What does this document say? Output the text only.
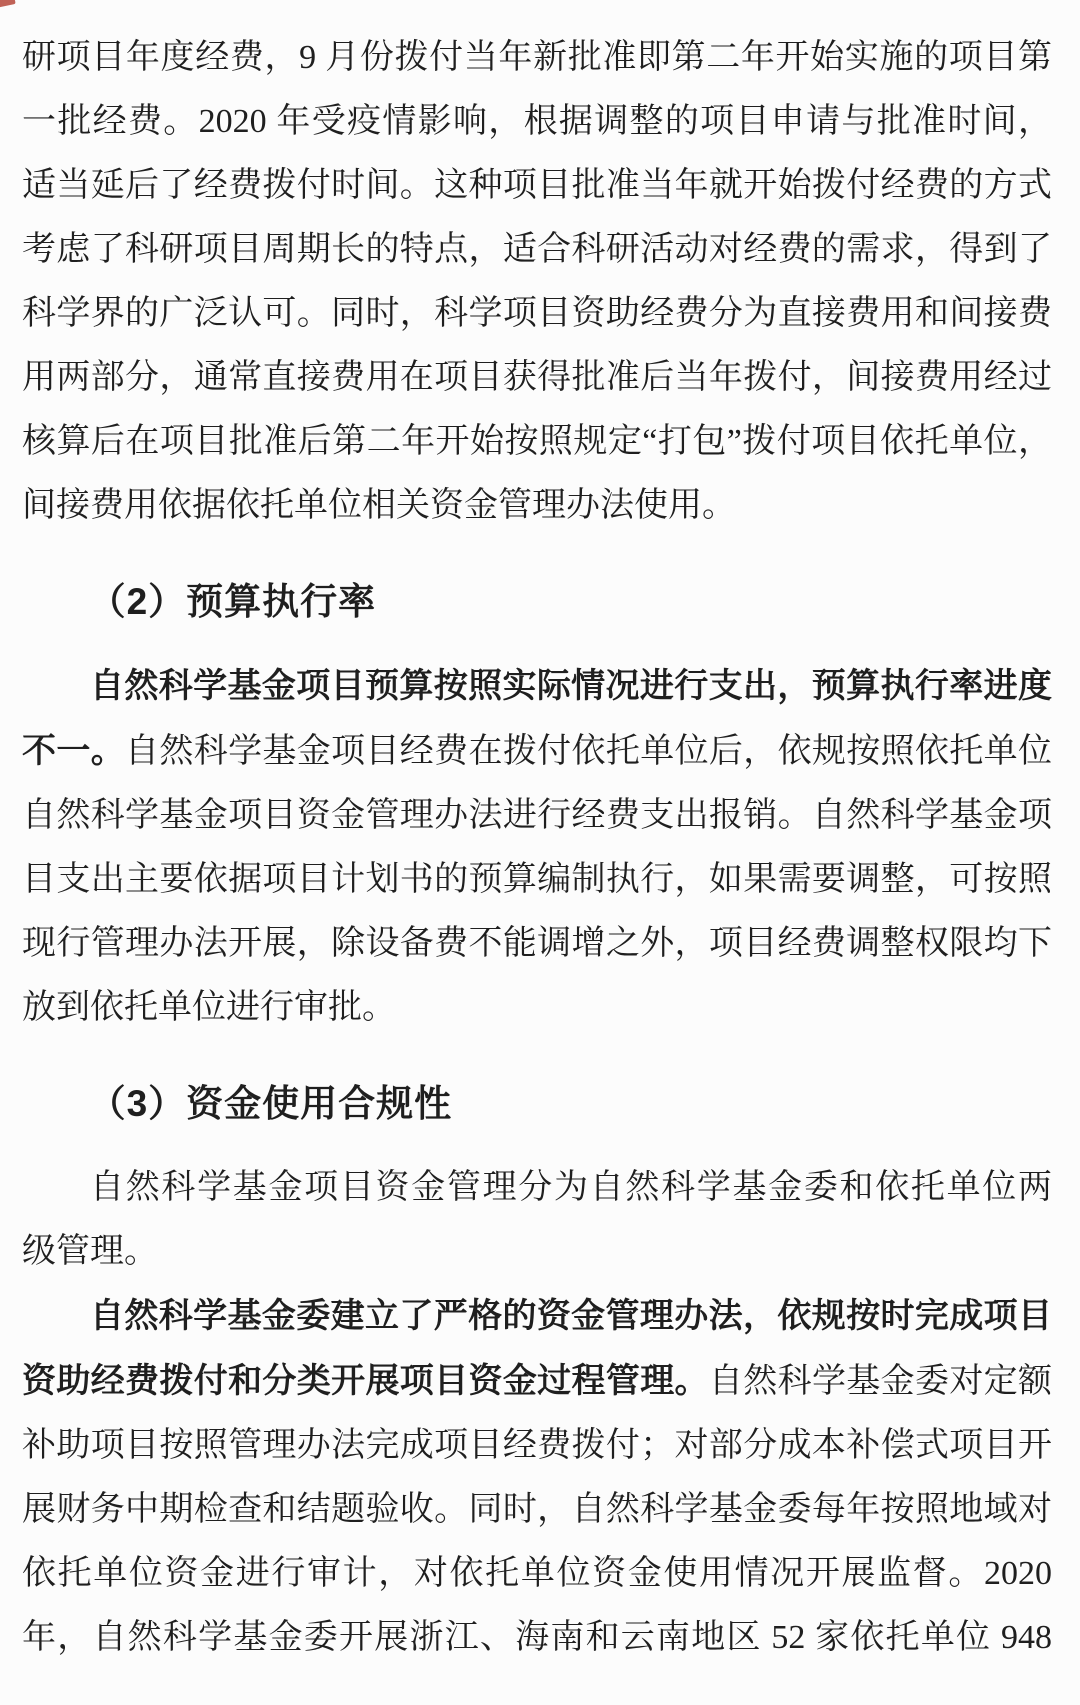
研项目年度经费，9 月份拨付当年新批准即第二年开始实施的项目第
一批经费。2020 年受疫情影响，根据调整的项目申请与批准时间，
适当延后了经费拨付时间。这种项目批准当年就开始拨付经费的方式
考虑了科研项目周期长的特点，适合科研活动对经费的需求，得到了
科学界的广泛认可。同时，科学项目资助经费分为直接费用和间接费
用两部分，通常直接费用在项目获得批准后当年拨付，间接费用经过
核算后在项目批准后第二年开始按照规定“打包”拨付项目依托单位，
间接费用依据依托单位相关资金管理办法使用。
（2）预算执行率
自然科学基金项目预算按照实际情况进行支出，预算执行率进度
不一。自然科学基金项目经费在拨付依托单位后，依规按照依托单位
自然科学基金项目资金管理办法进行经费支出报销。自然科学基金项
目支出主要依据项目计划书的预算编制执行，如果需要调整，可按照
现行管理办法开展，除设备费不能调增之外，项目经费调整权限均下
放到依托单位进行审批。
（3）资金使用合规性
自然科学基金项目资金管理分为自然科学基金委和依托单位两
级管理。
自然科学基金委建立了严格的资金管理办法，依规按时完成项目
资助经费拨付和分类开展项目资金过程管理。自然科学基金委对定额
补助项目按照管理办法完成项目经费拨付；对部分成本补偿式项目开
展财务中期检查和结题验收。同时，自然科学基金委每年按照地域对
依托单位资金进行审计，对依托单位资金使用情况开展监督。2020
年，自然科学基金委开展浙江、海南和云南地区 52 家依托单位 948
